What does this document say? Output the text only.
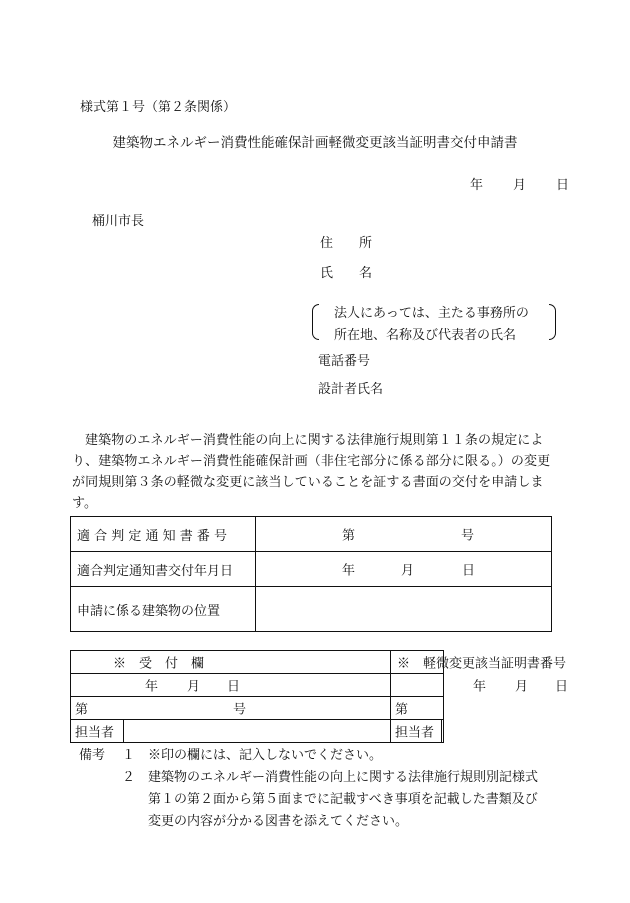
様式第１号（第２条関係）
建築物エネルギー消費性能確保計画軽微変更該当証明書交付申請書
年 月 日
桶川市長
住　　所
氏　　名
法人にあっては、主たる事務所の
所在地、名称及び代表者の氏名
電話番号
設計者氏名
建築物のエネルギー消費性能の向上に関する法律施行規則第１１条の規定によ
り、建築物エネルギー消費性能確保計画（非住宅部分に係る部分に限る。）の変更
が同規則第３条の軽微な変更に該当していることを証する書面の交付を申請しま
す。
適 合 判 定 通 知 書 番 号	第 号

適合判定通知書交付年月日	年 月 日

申請に係る建築物の位置	
※　受　付　欄		※　軽微変更該当証明書番号	

年 月 日		年 月 日	

第 号		第	

担当者		担当者	

備考 １ ※印の欄には、記入しないでください。
２ 建築物のエネルギー消費性能の向上に関する法律施行規則別記様式
第１の第２面から第５面までに記載すべき事項を記載した書類及び
変更の内容が分かる図書を添えてください。
